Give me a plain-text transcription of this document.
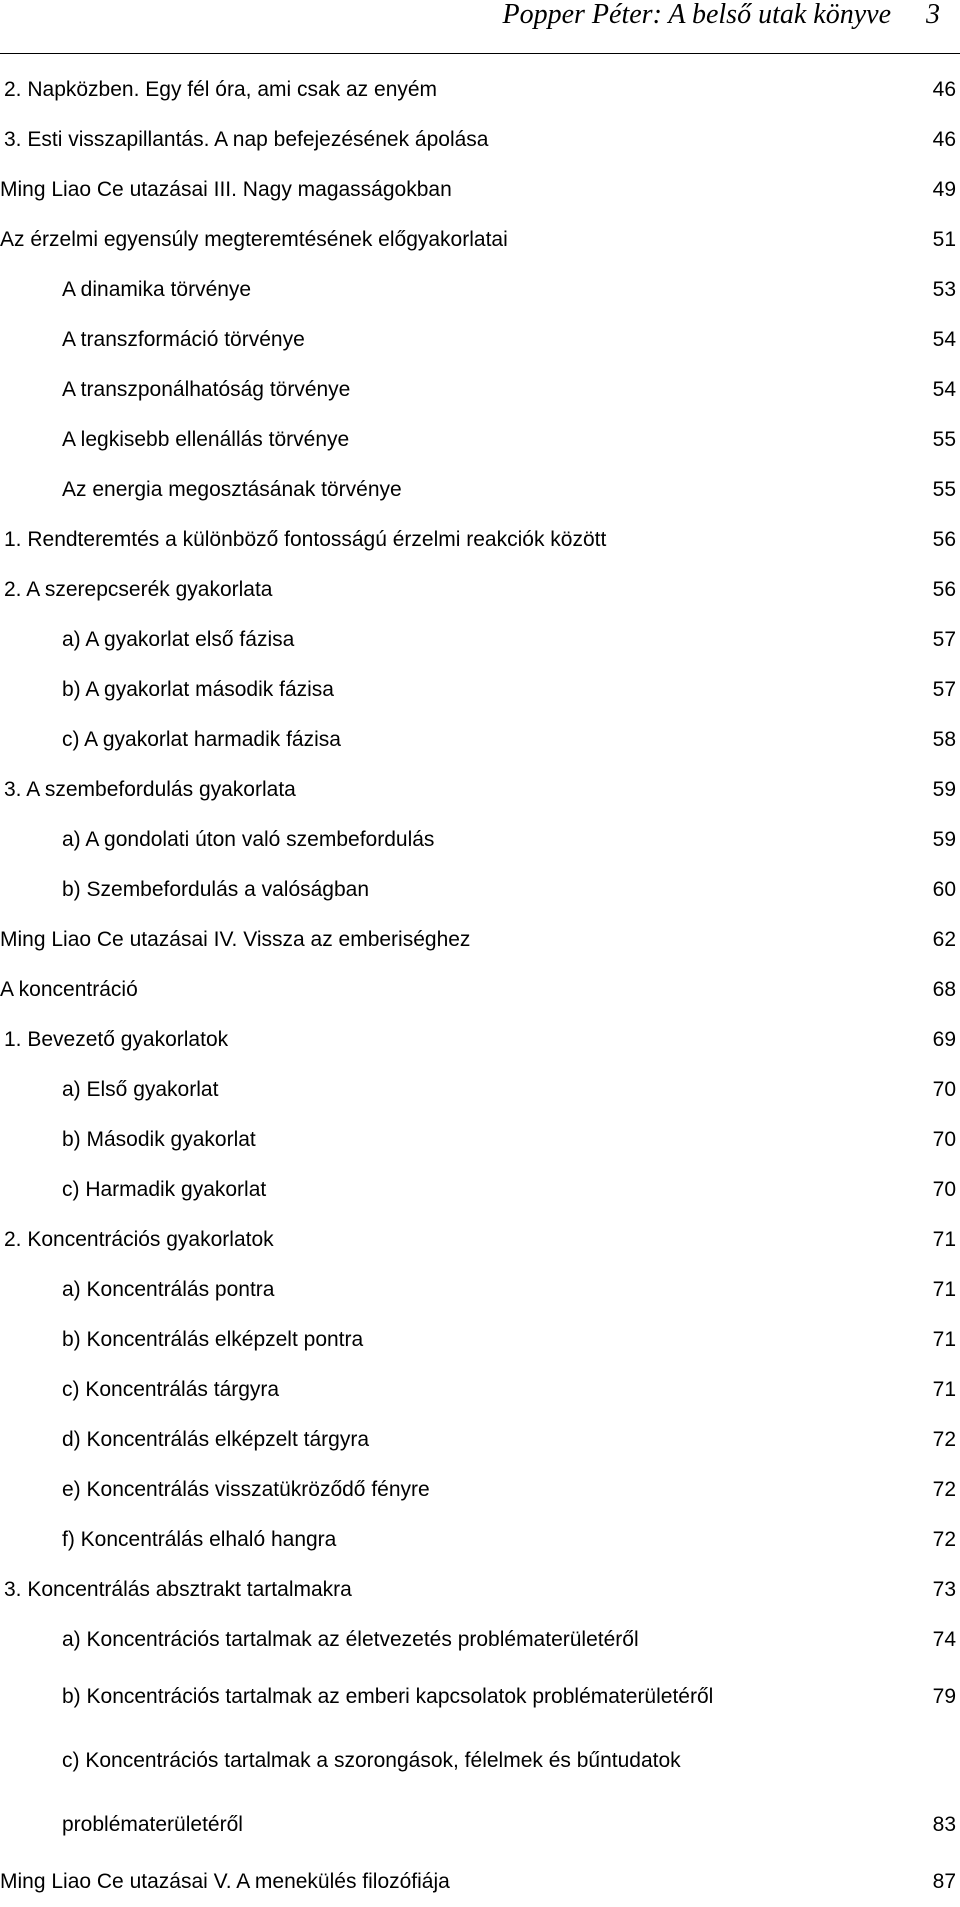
Popper Péter: A belső utak könyve 3
2. Napközben. Egy fél óra, ami csak az enyém	46
3. Esti visszapillantás. A nap befejezésének ápolása	46
Ming Liao Ce utazásai III. Nagy magasságokban	49
Az érzelmi egyensúly megteremtésének előgyakorlatai	51
A dinamika törvénye	53
A transzformáció törvénye	54
A transzponálhatóság törvénye	54
A legkisebb ellenállás törvénye	55
Az energia megosztásának törvénye	55
1. Rendteremtés a különböző fontosságú érzelmi reakciók között	56
2. A szerepcserék gyakorlata	56
a) A gyakorlat első fázisa	57
b) A gyakorlat második fázisa	57
c) A gyakorlat harmadik fázisa	58
3. A szembefordulás gyakorlata	59
a) A gondolati úton való szembefordulás	59
b) Szembefordulás a valóságban	60
Ming Liao Ce utazásai IV. Vissza az emberiséghez	62
A koncentráció	68
1. Bevezető gyakorlatok	69
a) Első gyakorlat	70
b) Második gyakorlat	70
c) Harmadik gyakorlat	70
2. Koncentrációs gyakorlatok	71
a) Koncentrálás pontra	71
b) Koncentrálás elképzelt pontra	71
c) Koncentrálás tárgyra	71
d) Koncentrálás elképzelt tárgyra	72
e) Koncentrálás visszatükröződő fényre	72
f) Koncentrálás elhaló hangra	72
3. Koncentrálás absztrakt tartalmakra	73
a) Koncentrációs tartalmak az életvezetés problématerületéről	74
b) Koncentrációs tartalmak az emberi kapcsolatok problématerületéről	79
c) Koncentrációs tartalmak a szorongások, félelmek és bűntudatok
problématerületéről	83
Ming Liao Ce utazásai V. A menekülés filozófiája	87
